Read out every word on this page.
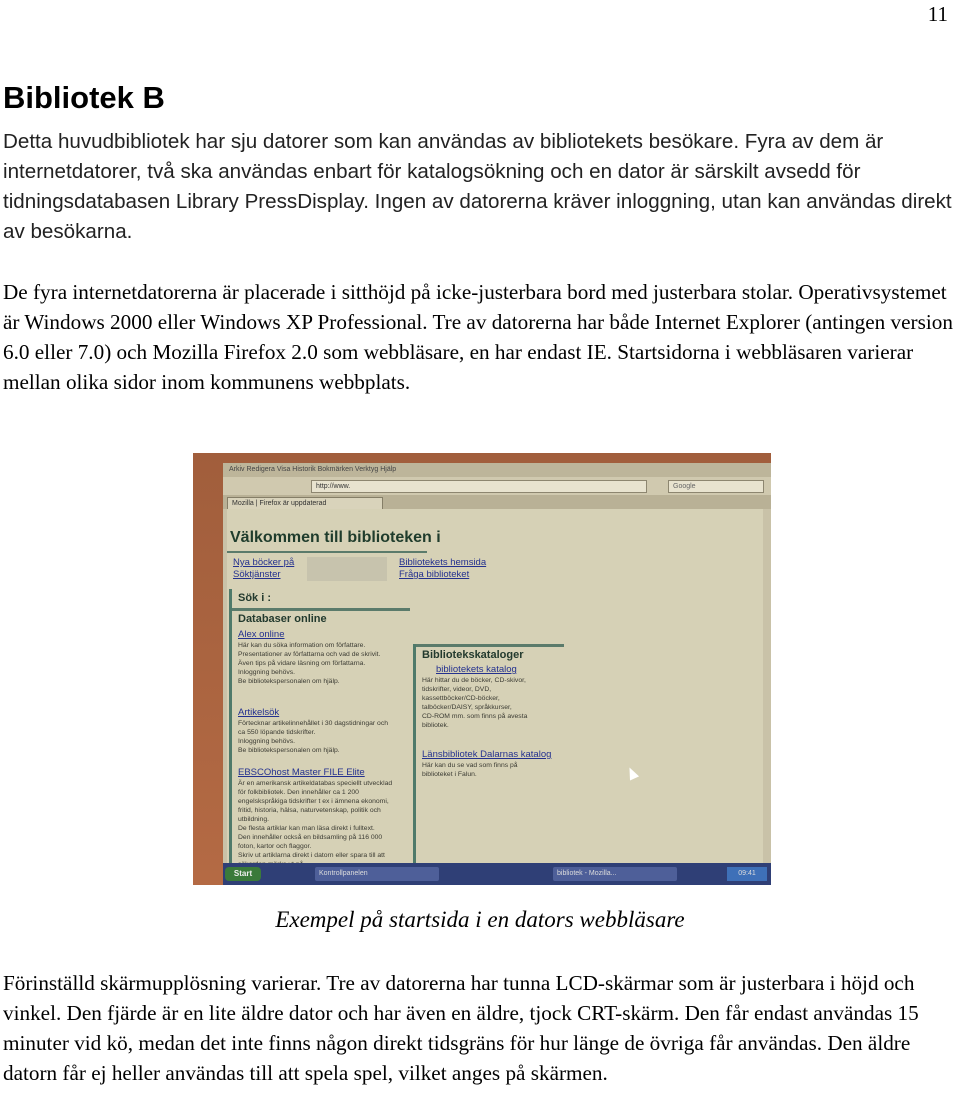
11
Bibliotek B

Detta huvudbibliotek har sju datorer som kan användas av bibliotekets besökare. Fyra av dem är internetdatorer, två ska användas enbart för katalogsökning och en dator är särskilt avsedd för tidningsdatabasen Library PressDisplay. Ingen av datorerna kräver inloggning, utan kan användas direkt av besökarna.

De fyra internetdatorerna är placerade i sitthöjd på icke-justerbara bord med justerbara stolar. Operativsystemet är Windows 2000 eller Windows XP Professional. Tre av datorerna har både Internet Explorer (antingen version 6.0 eller 7.0) och Mozilla Firefox 2.0 som webbläsare, en har endast IE. Startsidorna i webbläsaren varierar mellan olika sidor inom kommunens webbplats.

Arkiv Redigera Visa Historik Bokmärken Verktyg Hjälp
http://www.	Google
Mozilla | Firefox är uppdaterad
Välkommen till biblioteken i
Nya böcker på
Söktjänster
Bibliotekets hemsida
Fråga biblioteket
Sök i :
Databaser online
Alex online
Här kan du söka information om författare.
Presentationer av författarna och vad de skrivit.
Även tips på vidare läsning om författarna.
Inloggning behövs.
Be bibliotekspersonalen om hjälp.
Artikelsök
Förtecknar artikelinnehållet i 30 dagstidningar och
ca 550 löpande tidskrifter.
Inloggning behövs.
Be bibliotekspersonalen om hjälp.
EBSCOhost Master FILE Elite
Är en amerikansk artikeldatabas speciellt utvecklad
för folkbibliotek. Den innehåller ca 1 200
engelskspråkiga tidskrifter t ex i ämnena ekonomi,
fritid, historia, hälsa, naturvetenskap, politik och
utbildning.
De flesta artiklar kan man läsa direkt i fulltext.
Den innehåller också en bildsamling på 116 000
foton, kartor och flaggor.
Skriv ut artiklarna direkt i datorn eller spara till att

Bibliotekskataloger
bibliotekets katalog
Här hittar du de böcker, CD-skivor,
tidskrifter, videor, DVD,
kassettböcker/CD-böcker,
talböcker/DAISY, språkkurser,
CD-ROM mm. som finns på avesta
bibliotek.
Länsbibliotek Dalarnas katalog
Här kan du se vad som finns på
biblioteket i Falun.
Start	Kontrollpanelen	bibliotek - Mozilla...	09:41

Exempel på startsida i en dators webbläsare

Förinställd skärmupplösning varierar. Tre av datorerna har tunna LCD-skärmar som är justerbara i höjd och vinkel. Den fjärde är en lite äldre dator och har även en äldre, tjock CRT-skärm. Den får endast användas 15 minuter vid kö, medan det inte finns någon direkt tidsgräns för hur länge de övriga får användas. Den äldre datorn får ej heller användas till att spela spel, vilket anges på skärmen.
